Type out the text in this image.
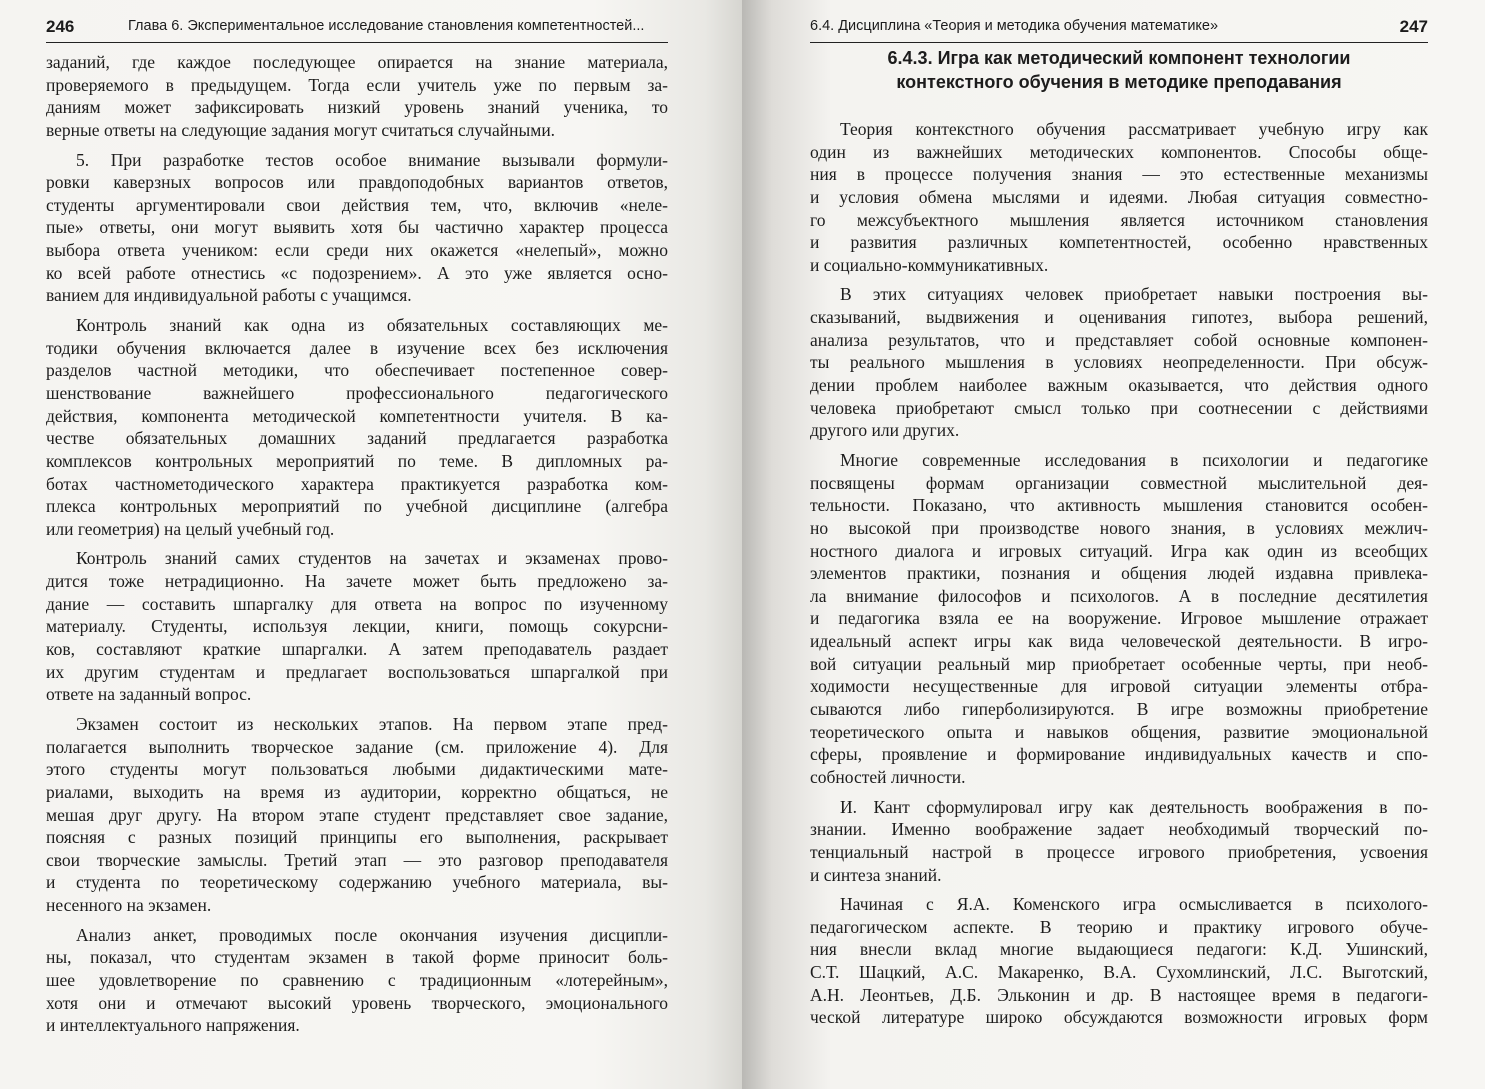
246	Глава 6. Экспериментальное исследование становления компетентностей...
заданий, где каждое последующее опирается на знание материала,
проверяемого в предыдущем. Тогда если учитель уже по первым за-
даниям может зафиксировать низкий уровень знаний ученика, то
верные ответы на следующие задания могут считаться случайными.
5. При разработке тестов особое внимание вызывали формули-
ровки каверзных вопросов или правдоподобных вариантов ответов,
студенты аргументировали свои действия тем, что, включив «неле-
пые» ответы, они могут выявить хотя бы частично характер процесса
выбора ответа учеником: если среди них окажется «нелепый», можно
ко всей работе отнестись «с подозрением». А это уже является осно-
ванием для индивидуальной работы с учащимся.
Контроль знаний как одна из обязательных составляющих ме-
тодики обучения включается далее в изучение всех без исключения
разделов частной методики, что обеспечивает постепенное совер-
шенствование важнейшего профессионального педагогического
действия, компонента методической компетентности учителя. В ка-
честве обязательных домашних заданий предлагается разработка
комплексов контрольных мероприятий по теме. В дипломных ра-
ботах частнометодического характера практикуется разработка ком-
плекса контрольных мероприятий по учебной дисциплине (алгебра
или геометрия) на целый учебный год.
Контроль знаний самих студентов на зачетах и экзаменах прово-
дится тоже нетрадиционно. На зачете может быть предложено за-
дание — составить шпаргалку для ответа на вопрос по изученному
материалу. Студенты, используя лекции, книги, помощь сокурсни-
ков, составляют краткие шпаргалки. А затем преподаватель раздает
их другим студентам и предлагает воспользоваться шпаргалкой при
ответе на заданный вопрос.
Экзамен состоит из нескольких этапов. На первом этапе пред-
полагается выполнить творческое задание (см. приложение 4). Для
этого студенты могут пользоваться любыми дидактическими мате-
риалами, выходить на время из аудитории, корректно общаться, не
мешая друг другу. На втором этапе студент представляет свое задание,
поясняя с разных позиций принципы его выполнения, раскрывает
свои творческие замыслы. Третий этап — это разговор преподавателя
и студента по теоретическому содержанию учебного материала, вы-
несенного на экзамен.
Анализ анкет, проводимых после окончания изучения дисципли-
ны, показал, что студентам экзамен в такой форме приносит боль-
шее удовлетворение по сравнению с традиционным «лотерейным»,
хотя они и отмечают высокий уровень творческого, эмоционального
и интеллектуального напряжения.
6.4. Дисциплина «Теория и методика обучения математике»	247
6.4.3. Игра как методический компонент технологии
контекстного обучения в методике преподавания
Теория контекстного обучения рассматривает учебную игру как
один из важнейших методических компонентов. Способы обще-
ния в процессе получения знания — это естественные механизмы
и условия обмена мыслями и идеями. Любая ситуация совместно-
го межсубъектного мышления является источником становления
и развития различных компетентностей, особенно нравственных
и социально-коммуникативных.
В этих ситуациях человек приобретает навыки построения вы-
сказываний, выдвижения и оценивания гипотез, выбора решений,
анализа результатов, что и представляет собой основные компонен-
ты реального мышления в условиях неопределенности. При обсуж-
дении проблем наиболее важным оказывается, что действия одного
человека приобретают смысл только при соотнесении с действиями
другого или других.
Многие современные исследования в психологии и педагогике
посвящены формам организации совместной мыслительной дея-
тельности. Показано, что активность мышления становится особен-
но высокой при производстве нового знания, в условиях межлич-
ностного диалога и игровых ситуаций. Игра как один из всеобщих
элементов практики, познания и общения людей издавна привлека-
ла внимание философов и психологов. А в последние десятилетия
и педагогика взяла ее на вооружение. Игровое мышление отражает
идеальный аспект игры как вида человеческой деятельности. В игро-
вой ситуации реальный мир приобретает особенные черты, при необ-
ходимости несущественные для игровой ситуации элементы отбра-
сываются либо гиперболизируются. В игре возможны приобретение
теоретического опыта и навыков общения, развитие эмоциональной
сферы, проявление и формирование индивидуальных качеств и спо-
собностей личности.
И. Кант сформулировал игру как деятельность воображения в по-
знании. Именно воображение задает необходимый творческий по-
тенциальный настрой в процессе игрового приобретения, усвоения
и синтеза знаний.
Начиная с Я.А. Коменского игра осмысливается в психолого-
педагогическом аспекте. В теорию и практику игрового обуче-
ния внесли вклад многие выдающиеся педагоги: К.Д. Ушинский,
С.Т. Шацкий, А.С. Макаренко, В.А. Сухомлинский, Л.С. Выготский,
А.Н. Леонтьев, Д.Б. Эльконин и др. В настоящее время в педагоги-
ческой литературе широко обсуждаются возможности игровых форм
